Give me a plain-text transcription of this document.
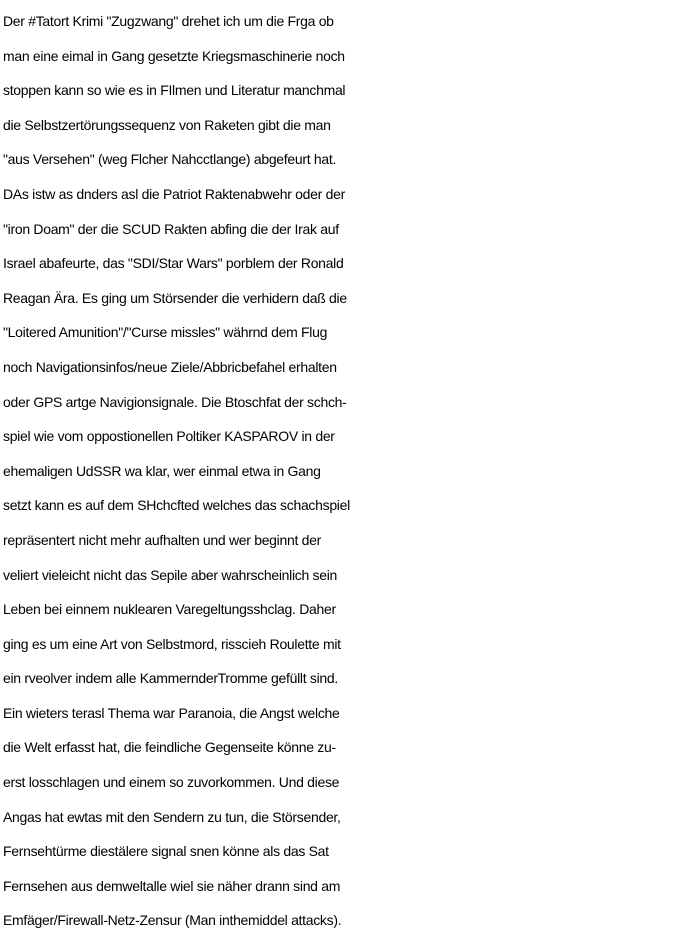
Der #Tatort Krimi "Zugzwang" drehet ich um die Frga ob
man eine eimal in Gang gesetzte Kriegsmaschinerie noch
stoppen kann so wie es in FIlmen und Literatur manchmal
die Selbstzertörungssequenz von Raketen gibt die man
"aus Versehen" (weg Flcher Nahcctlange) abgefeurt hat.
DAs istw as dnders asl die Patriot Raktenabwehr oder der
"iron Doam" der die SCUD Rakten abfing die der Irak auf
Israel abafeurte, das "SDI/Star Wars" porblem der Ronald
Reagan Ära. Es ging um Störsender die verhidern daß die
"Loitered Amunition"/"Curse missles" währnd dem Flug
noch Navigationsinfos/neue Ziele/Abbricbefahel erhalten
oder GPS artge Navigionsignale. Die Btoschfat der schch-
spiel wie vom oppostionellen Poltiker KASPAROV in der
ehemaligen UdSSR wa klar, wer einmal etwa in Gang
setzt kann es auf dem SHchcfted welches das schachspiel
repräsentert nicht mehr aufhalten und wer beginnt der
veliert vieleicht nicht das Sepile aber wahrscheinlich sein
Leben bei einnem nuklearen Varegeltungsshclag. Daher
ging es um eine Art von Selbstmord, risscieh Roulette mit
ein rveolver indem alle KammernderTromme gefüllt sind.
Ein wieters terasl Thema war Paranoia, die Angst welche
die Welt erfasst hat, die feindliche Gegenseite könne zu-
erst losschlagen und einem so zuvorkommen. Und diese
Angas hat ewtas mit den Sendern zu tun, die Störsender,
Fernsehtürme diestälere signal snen könne als das Sat
Fernsehen aus demweltalle wiel sie näher drann sind am
Emfäger/Firewall-Netz-Zensur (Man inthemiddel attacks).
